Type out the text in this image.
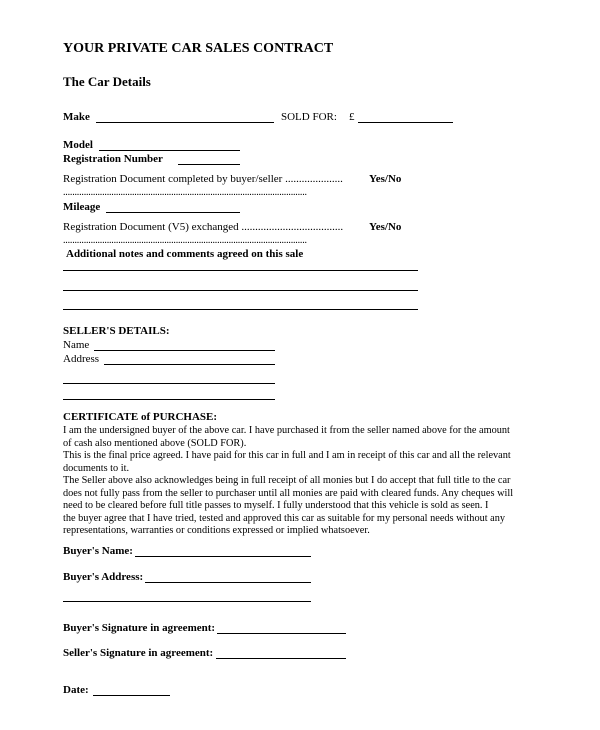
YOUR PRIVATE CAR SALES CONTRACT
The Car Details
Make	SOLD FOR: £
Model
Registration Number
Registration Document completed by buyer/seller ..................... Yes/No
..........................................................................................................
Mileage
Registration Document (V5) exchanged ..................................... Yes/No
..........................................................................................................
Additional notes and comments agreed on this sale
SELLER'S DETAILS:
Name
Address
CERTIFICATE of PURCHASE:

I am the undersigned buyer of the above car. I have purchased it from the seller named above for the amount

of cash also mentioned above (SOLD FOR).

This is the final price agreed. I have paid for this car in full and I am in receipt of this car and all the relevant

documents to it.

The Seller above also acknowledges being in full receipt of all monies but I do accept that full title to the car

does not fully pass from the seller to purchaser until all monies are paid with cleared funds. Any cheques will

need to be cleared before full title passes to myself. I fully understood that this vehicle is sold as seen. I

the buyer agree that I have tried, tested and approved this car as suitable for my personal needs without any

representations, warranties or conditions expressed or implied whatsoever.

Buyer's Name:
Buyer's Address:
Buyer's Signature in agreement:
Seller's Signature in agreement:
Date:
